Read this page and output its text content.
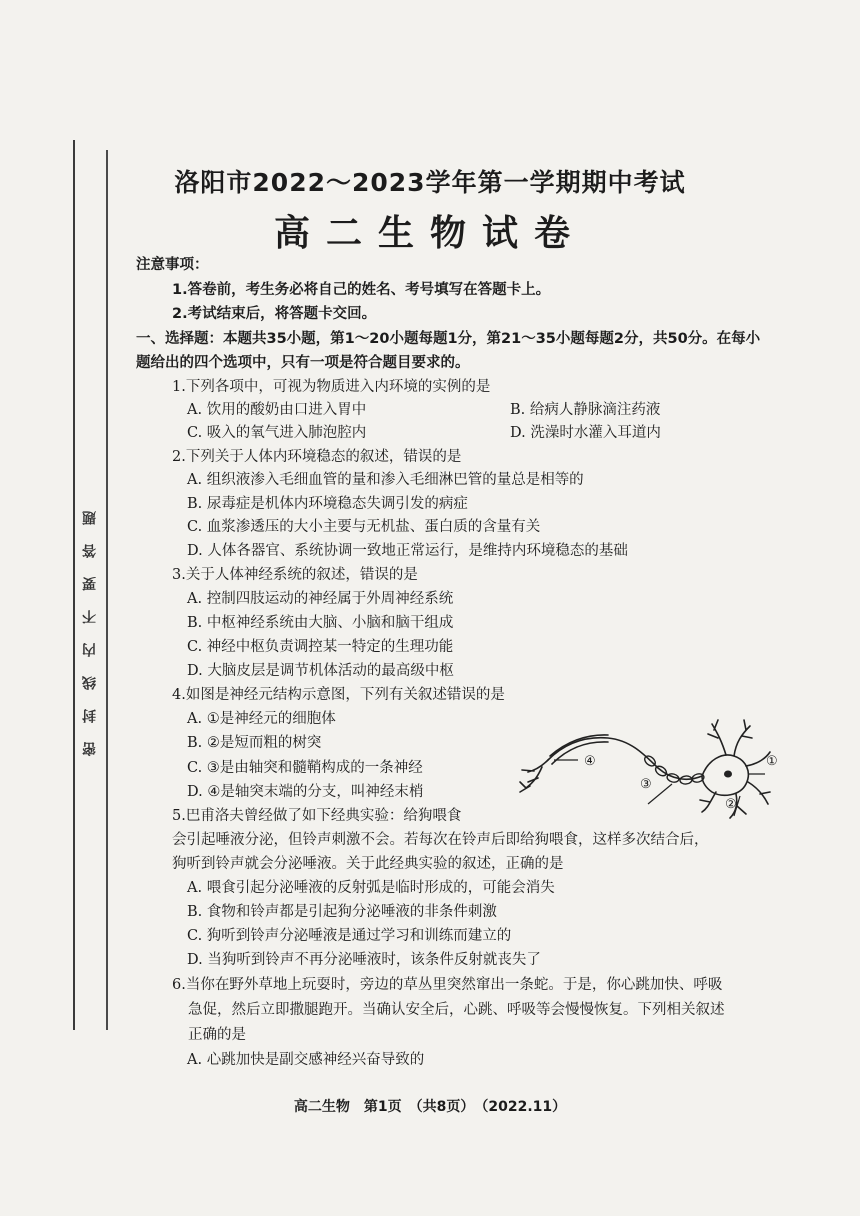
密封线内不要答题
洛阳市2022～2023学年第一学期期中考试
高二生物试卷
注意事项：
1.答卷前，考生务必将自己的姓名、考号填写在答题卡上。
2.考试结束后，将答题卡交回。
一、选择题：本题共35小题，第1～20小题每题1分，第21～35小题每题2分，共50分。在每小
题给出的四个选项中，只有一项是符合题目要求的。
1.下列各项中，可视为物质进入内环境的实例的是
A. 饮用的酸奶由口进入胃中	B. 给病人静脉滴注药液
C. 吸入的氧气进入肺泡腔内	D. 洗澡时水灌入耳道内
2.下列关于人体内环境稳态的叙述，错误的是
A. 组织液渗入毛细血管的量和渗入毛细淋巴管的量总是相等的
B. 尿毒症是机体内环境稳态失调引发的病症
C. 血浆渗透压的大小主要与无机盐、蛋白质的含量有关
D. 人体各器官、系统协调一致地正常运行，是维持内环境稳态的基础
3.关于人体神经系统的叙述，错误的是
A. 控制四肢运动的神经属于外周神经系统
B. 中枢神经系统由大脑、小脑和脑干组成
C. 神经中枢负责调控某一特定的生理功能
D. 大脑皮层是调节机体活动的最高级中枢
4.如图是神经元结构示意图，下列有关叙述错误的是
A. ①是神经元的细胞体
B. ②是短而粗的树突
C. ③是由轴突和髓鞘构成的一条神经
D. ④是轴突末端的分支，叫神经末梢
④
③
①
②
5.巴甫洛夫曾经做了如下经典实验：给狗喂食
会引起唾液分泌，但铃声刺激不会。若每次在铃声后即给狗喂食，这样多次结合后，
狗听到铃声就会分泌唾液。关于此经典实验的叙述，正确的是
A. 喂食引起分泌唾液的反射弧是临时形成的，可能会消失
B. 食物和铃声都是引起狗分泌唾液的非条件刺激
C. 狗听到铃声分泌唾液是通过学习和训练而建立的
D. 当狗听到铃声不再分泌唾液时，该条件反射就丧失了
6.当你在野外草地上玩耍时，旁边的草丛里突然窜出一条蛇。于是，你心跳加快、呼吸
急促，然后立即撒腿跑开。当确认安全后，心跳、呼吸等会慢慢恢复。下列相关叙述
正确的是
A. 心跳加快是副交感神经兴奋导致的
高二生物　第1页　（共8页）　（2022.11）
